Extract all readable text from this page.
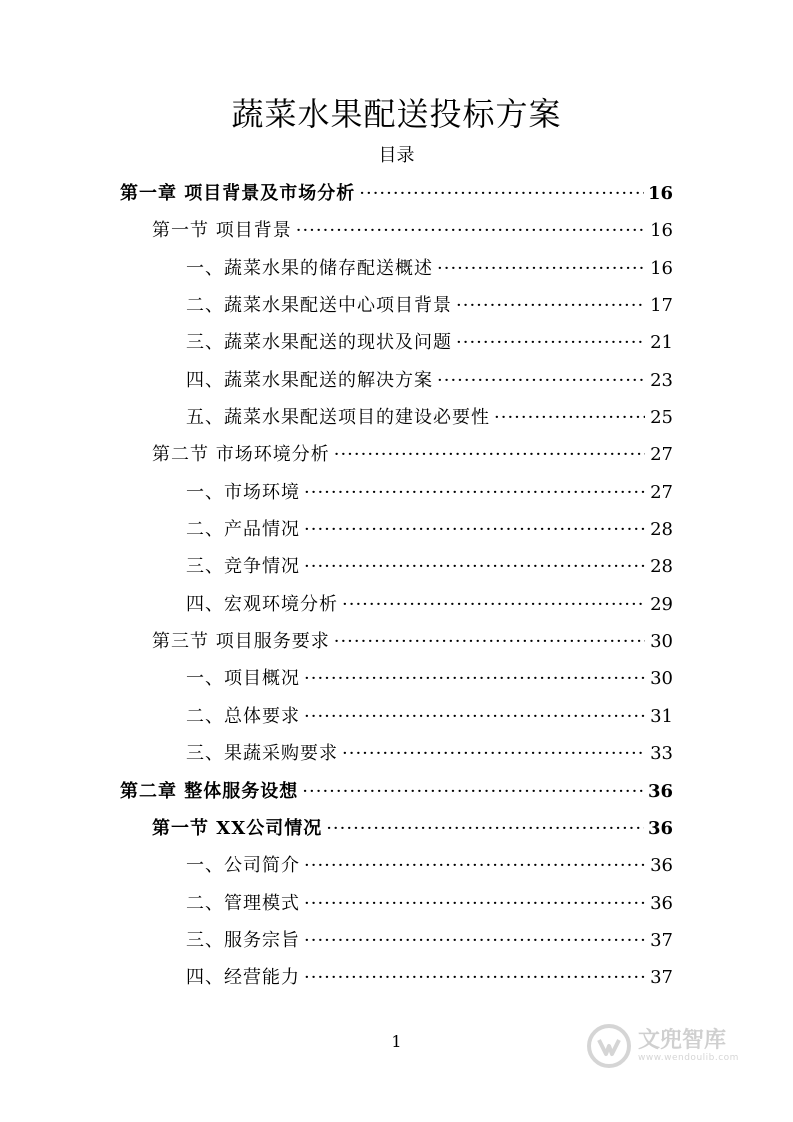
蔬菜水果配送投标方案
目录
第一章 项目背景及市场分析 ·····	16
第一节 项目背景 ·····	16
一、蔬菜水果的储存配送概述 ·····	16
二、蔬菜水果配送中心项目背景 ·····	17
三、蔬菜水果配送的现状及问题 ·····	21
四、蔬菜水果配送的解决方案 ·····	23
五、蔬菜水果配送项目的建设必要性 ·····	25
第二节 市场环境分析 ·····	27
一、市场环境 ·····	27
二、产品情况 ·····	28
三、竞争情况 ·····	28
四、宏观环境分析 ·····	29
第三节 项目服务要求 ·····	30
一、项目概况 ·····	30
二、总体要求 ·····	31
三、果蔬采购要求 ·····	33
第二章 整体服务设想 ·····	36
第一节 XX公司情况 ·····	36
一、公司简介 ·····	36
二、管理模式 ·····	36
三、服务宗旨 ·····	37
四、经营能力 ·····	37
1	文兜智库
www.wendoulib.com
